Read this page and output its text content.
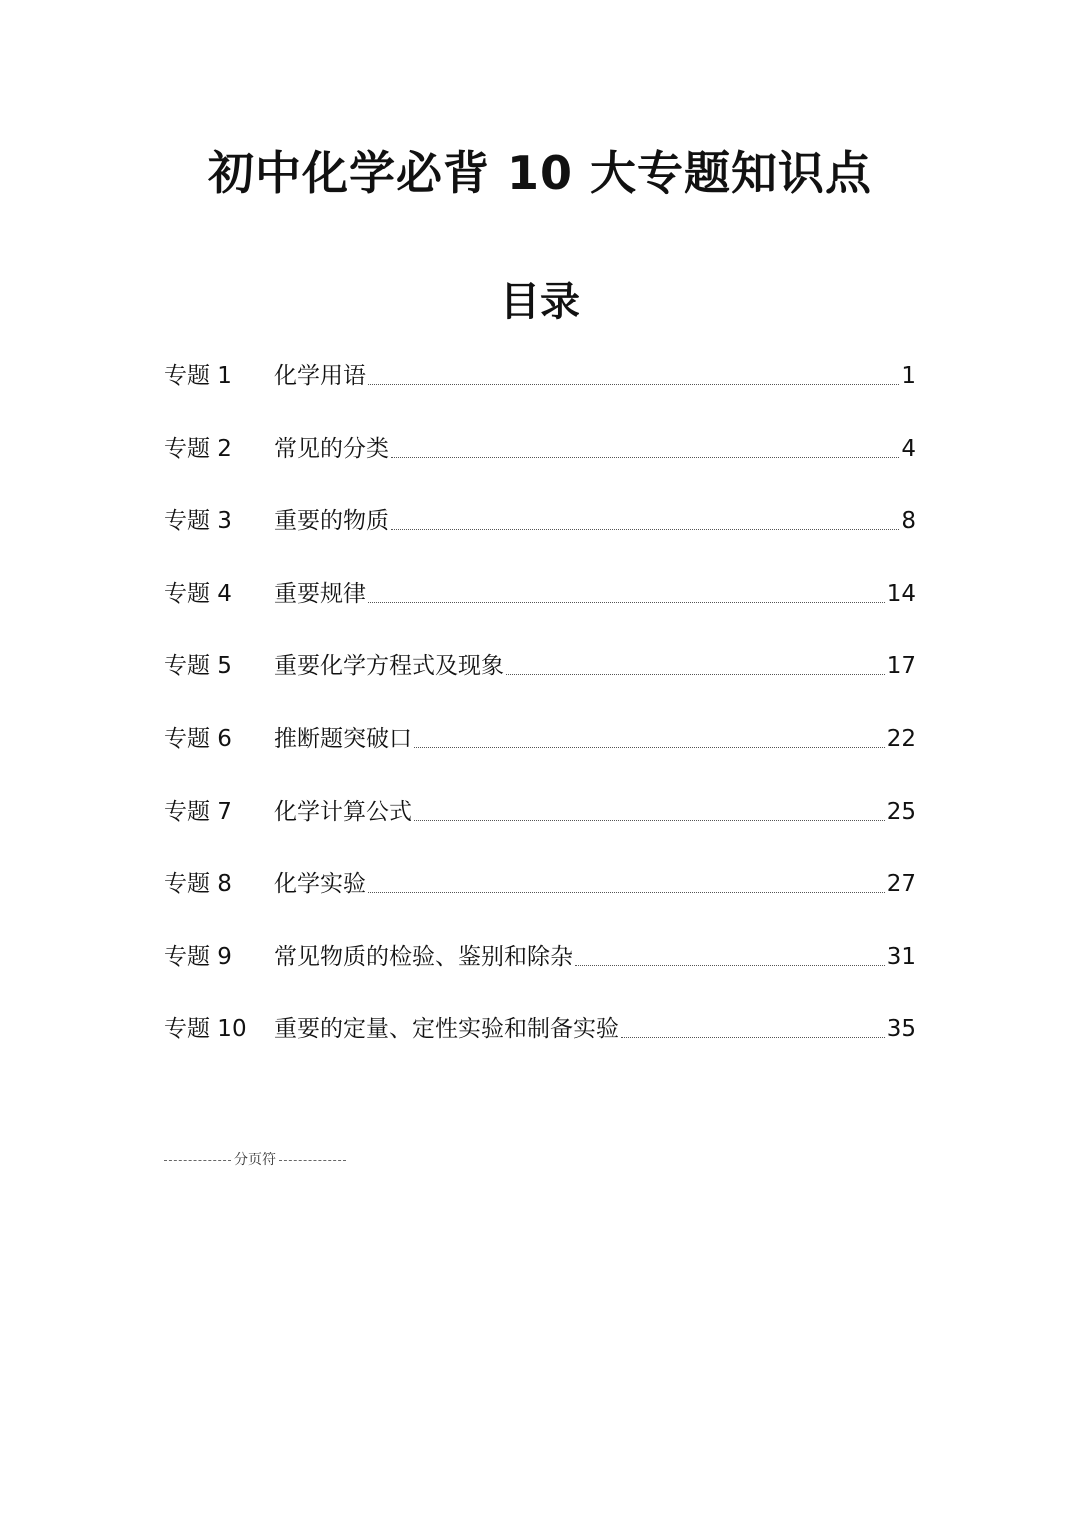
初中化学必背 10 大专题知识点
目录
专题 1	化学用语	1
专题 2	常见的分类	4
专题 3	重要的物质	8
专题 4	重要规律	14
专题 5	重要化学方程式及现象	17
专题 6	推断题突破口	22
专题 7	化学计算公式	25
专题 8	化学实验	27
专题 9	常见物质的检验、鉴别和除杂	31
专题 10	重要的定量、定性实验和制备实验	35
分页符
